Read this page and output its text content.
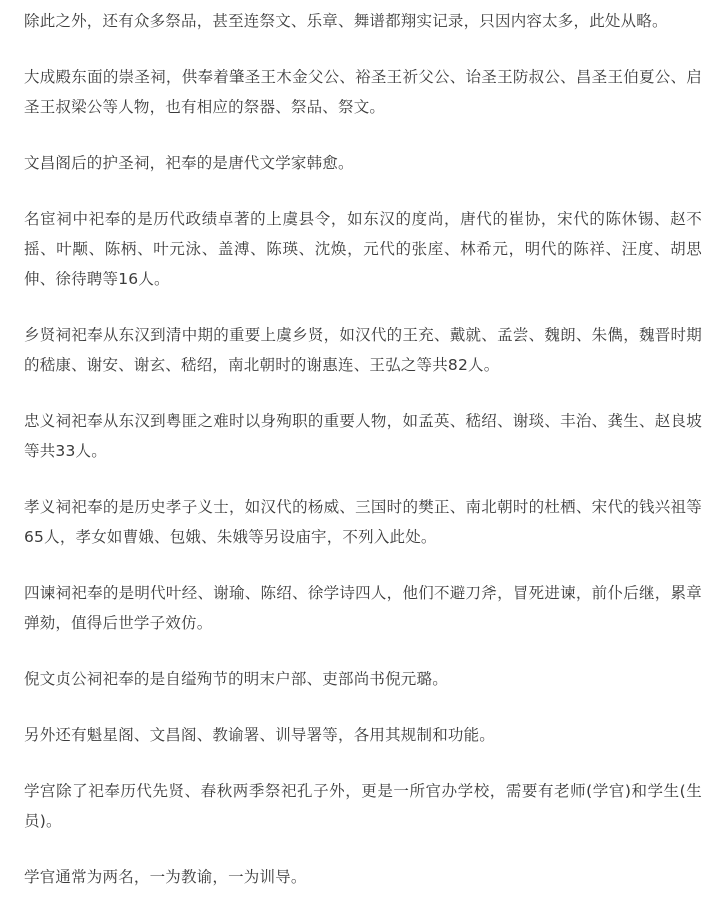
除此之外，还有众多祭品，甚至连祭文、乐章、舞谱都翔实记录，只因内容太多，此处从略。

大成殿东面的崇圣祠，供奉着肇圣王木金父公、裕圣王祈父公、诒圣王防叔公、昌圣王伯夏公、启圣王叔梁公等人物，也有相应的祭器、祭品、祭文。

文昌阁后的护圣祠，祀奉的是唐代文学家韩愈。

名宦祠中祀奉的是历代政绩卓著的上虞县令，如东汉的度尚，唐代的崔协，宋代的陈休锡、赵不摇、叶颙、陈柄、叶元泳、盖溥、陈瑛、沈焕，元代的张庢、林希元，明代的陈祥、汪度、胡思伸、徐待聘等16人。

乡贤祠祀奉从东汉到清中期的重要上虞乡贤，如汉代的王充、戴就、孟尝、魏朗、朱儁，魏晋时期的嵇康、谢安、谢玄、嵇绍，南北朝时的谢惠连、王弘之等共82人。

忠义祠祀奉从东汉到粤匪之难时以身殉职的重要人物，如孟英、嵇绍、谢琰、丰治、龚生、赵良坡等共33人。

孝义祠祀奉的是历史孝子义士，如汉代的杨威、三国时的樊正、南北朝时的杜栖、宋代的钱兴祖等65人，孝女如曹娥、包娥、朱娥等另设庙宇，不列入此处。

四谏祠祀奉的是明代叶经、谢瑜、陈绍、徐学诗四人，他们不避刀斧，冒死进谏，前仆后继，累章弹劾，值得后世学子效仿。

倪文贞公祠祀奉的是自缢殉节的明末户部、吏部尚书倪元璐。

另外还有魁星阁、文昌阁、教谕署、训导署等，各用其规制和功能。

学宫除了祀奉历代先贤、春秋两季祭祀孔子外，更是一所官办学校，需要有老师(学官)和学生(生员)。

学官通常为两名，一为教谕，一为训导。
